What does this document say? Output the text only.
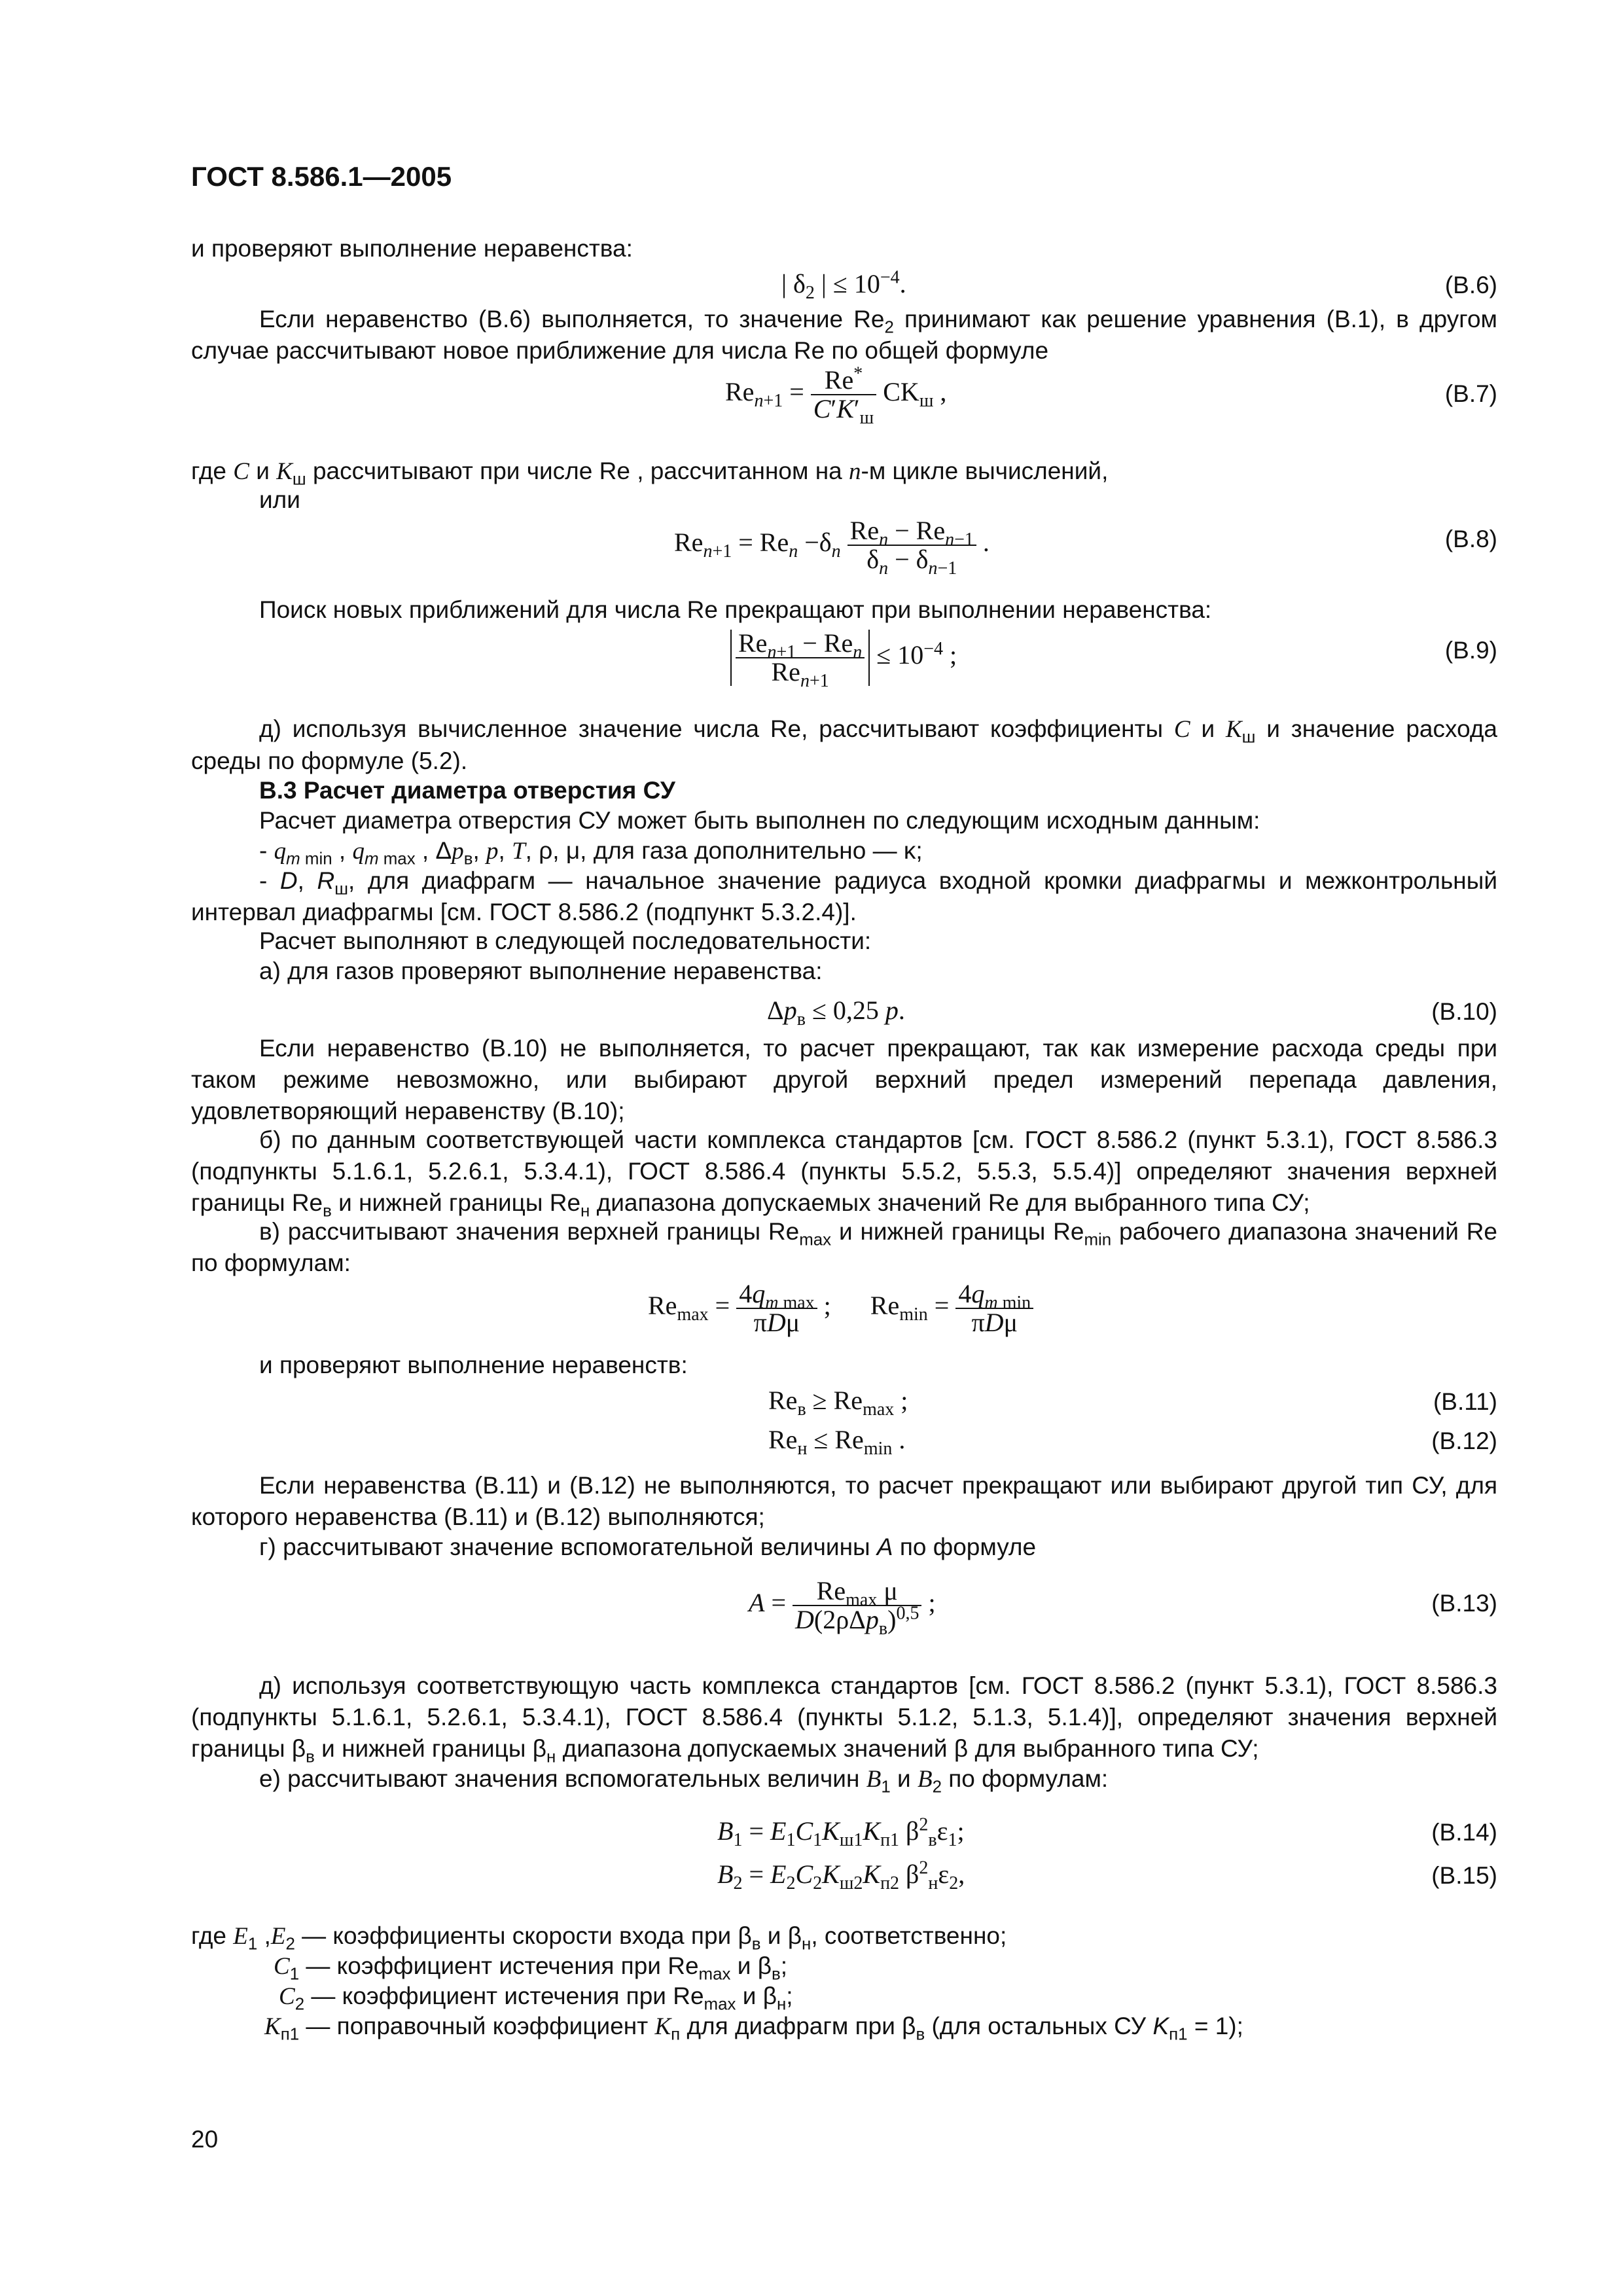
ГОСТ 8.586.1—2005
и проверяют выполнение неравенства:
| $\delta_2$ | ≤ $10^{-4}$.	(В.6)
Если неравенство (В.6) выполняется, то значение $Re_2$ принимают как решение уравнения (В.1), в другом случае рассчитывают новое приближение для числа Re по общей формуле
$Re_{n+1} = \frac{Re^*}{C'K'_ш} CK_ш$ ,	(В.7)
где C и $K_ш$ рассчитывают при числе Re , рассчитанном на n-м цикле вычислений,
или
$Re_{n+1} = Re_n -\delta_n \frac{Re_n - Re_{n-1}}{\delta_n - \delta_{n-1}}$ .	(В.8)
Поиск новых приближений для числа Re прекращают при выполнении неравенства:
$\frac{Re_{n+1} - Re_n}{Re_{n+1}} \le 10^{-4}$ ;	(В.9)
д) используя вычисленное значение числа Re, рассчитывают коэффициенты C и $K_ш$ и значение расхода среды по формуле (5.2).
В.3 Расчет диаметра отверстия СУ
Расчет диаметра отверстия СУ может быть выполнен по следующим исходным данным:
- $q_{m min}$ , $q_{m max}$ , $\Delta p_в$, p, T, ρ, μ, для газа дополнительно — κ;
- D, $R_ш$, для диафрагм — начальное значение радиуса входной кромки диафрагмы и межконтрольный интервал диафрагмы [см. ГОСТ 8.586.2 (подпункт 5.3.2.4)].
Расчет выполняют в следующей последовательности:
а) для газов проверяют выполнение неравенства:
$\Delta p_в \le 0,25$ p.	(В.10)
Если неравенство (В.10) не выполняется, то расчет прекращают, так как измерение расхода среды при таком режиме невозможно, или выбирают другой верхний предел измерений перепада давления, удовлетворяющий неравенству (В.10);
б) по данным соответствующей части комплекса стандартов [см. ГОСТ 8.586.2 (пункт 5.3.1), ГОСТ 8.586.3 (подпункты 5.1.6.1, 5.2.6.1, 5.3.4.1), ГОСТ 8.586.4 (пункты 5.5.2, 5.5.3, 5.5.4)] определяют значения верхней границы $Re_в$ и нижней границы $Re_н$ диапазона допускаемых значений Re для выбранного типа СУ;
в) рассчитывают значения верхней границы $Re_{max}$ и нижней границы $Re_{min}$ рабочего диапазона значений Re по формулам:
$Re_{max} = \frac{4q_{m max}}{\text{πDμ}}$ ;      $Re_{min} = \frac{4q_{m min}}{\text{πDμ}}$
и проверяют выполнение неравенств:
$Re_в \ge Re_{max}$ ;	(В.11)
$Re_н \le Re_{min}$ .	(В.12)
Если неравенства (В.11) и (В.12) не выполняются, то расчет прекращают или выбирают другой тип СУ, для которого неравенства (В.11) и (В.12) выполняются;
г) рассчитывают значение вспомогательной величины A по формуле
$A = \frac{Re_{max} \mu}{D(2\rho\Delta p_в)^{0,5}}$ ;	(В.13)
д) используя соответствующую часть комплекса стандартов [см. ГОСТ 8.586.2 (пункт 5.3.1), ГОСТ 8.586.3 (подпункты 5.1.6.1, 5.2.6.1, 5.3.4.1), ГОСТ 8.586.4 (пункты 5.1.2, 5.1.3, 5.1.4)], определяют значения верхней границы $\beta_в$ и нижней границы $\beta_н$ диапазона допускаемых значений β для выбранного типа СУ;
е) рассчитывают значения вспомогательных величин $B_1$ и $B_2$ по формулам:
$B_1 = E_1C_1K_{ш1}K_{п1}$ $\beta^2_в\varepsilon_1$;	(В.14)
$B_2 = E_2C_2K_{ш2}K_{п2}$ $\beta^2_н\varepsilon_2$,	(В.15)
где $E_1$ $,E_2$ — коэффициенты скорости входа при $\beta_в$ и $\beta_н$, соответственно;
$C_1$ — коэффициент истечения при $Re_{max}$ и $\beta_в$;
$C_2$ — коэффициент истечения при $Re_{max}$ и $\beta_н$;
$K_{п1}$ — поправочный коэффициент $K_п$ для диафрагм при $\beta_в$ (для остальных СУ $K_{п1} = 1$);
20
